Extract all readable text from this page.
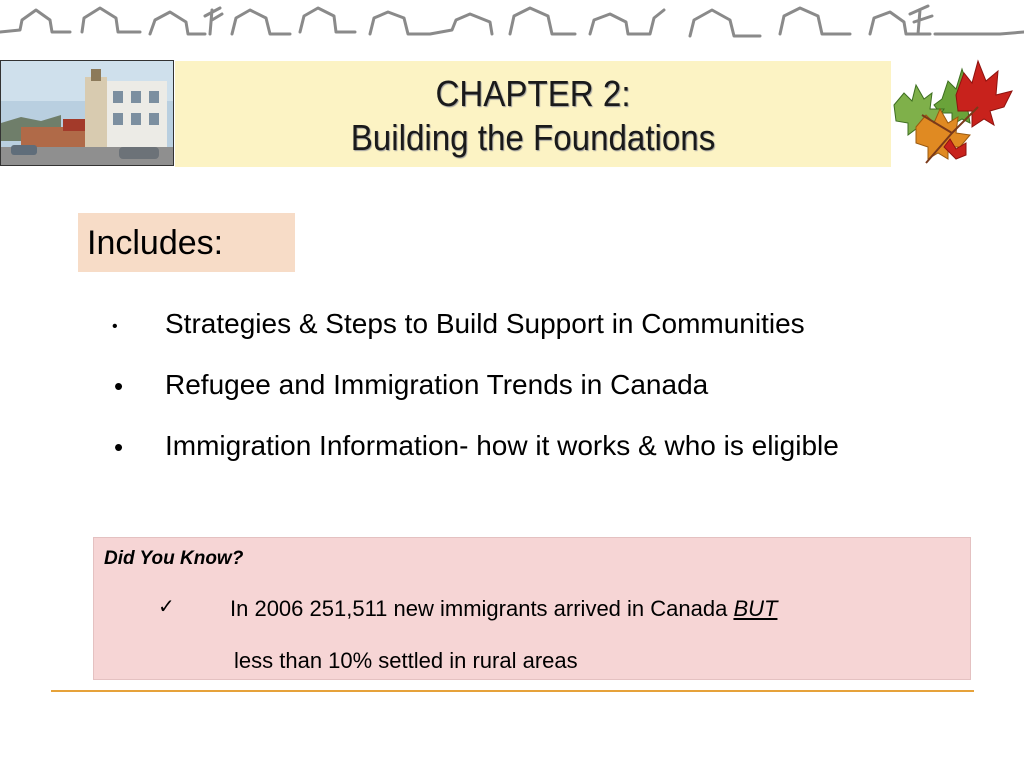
CHAPTER 2:
Building the Foundations
Includes:
• Strategies & Steps to Build Support in Communities
• Refugee and Immigration Trends in Canada
• Immigration Information- how it works & who is eligible
Did You Know?
✓	In 2006 251,511 new immigrants arrived in Canada BUT
less than 10% settled in rural areas
